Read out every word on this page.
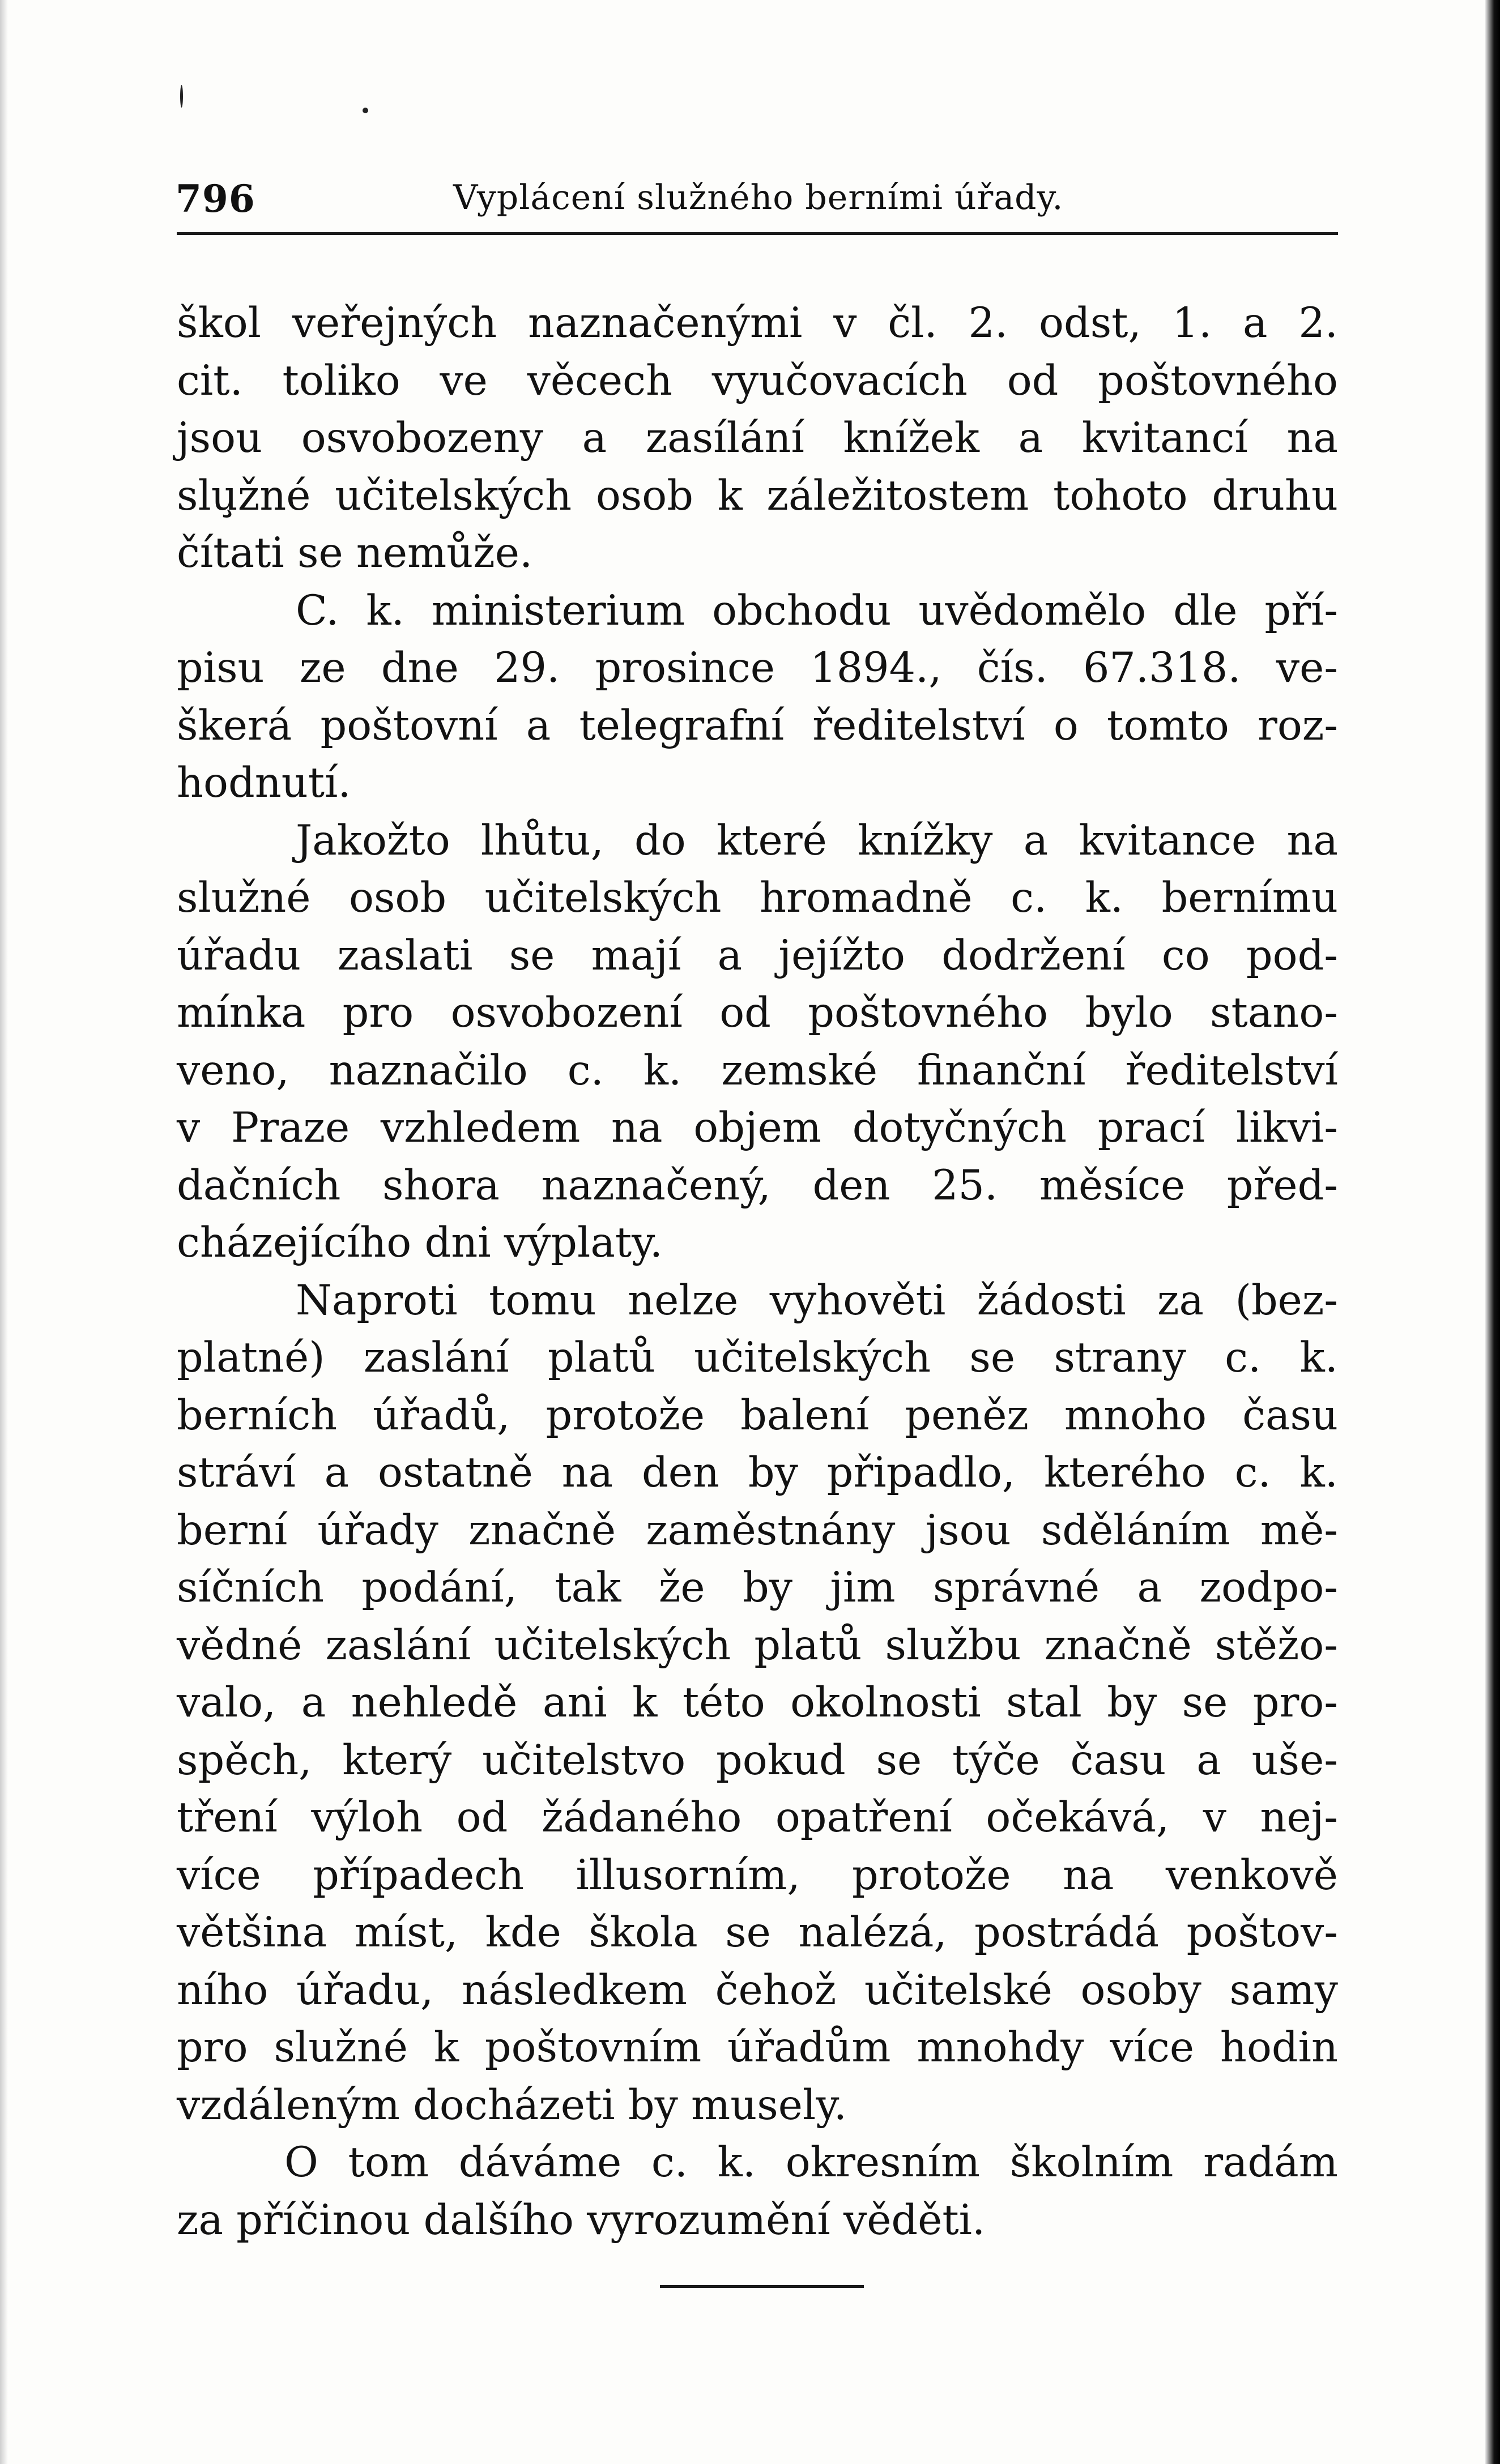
796	Vyplácení služného berními úřady.
škol veřejných naznačenými v čl. 2. odst, 1. a 2.
cit. toliko ve věcech vyučovacích od poštovného
jsou osvobozeny a zasílání knížek a kvitancí na
slu̧žné učitelských osob k záležitostem tohoto druhu
čítati se nemůže.
C. k. ministerium obchodu uvědomělo dle pří-
pisu ze dne 29. prosince 1894., čís. 67.318. ve-
škerá poštovní a telegrafní ředitelství o tomto roz-
hodnutí.
Jakožto lhůtu, do které knížky a kvitance na
služné osob učitelských hromadně c. k. bernímu
úřadu zaslati se mají a jejížto dodržení co pod-
mínka pro osvobození od poštovného bylo stano-
veno, naznačilo c. k. zemské finanční ředitelství
v Praze vzhledem na objem dotyčných prací likvi-
dačních shora naznačený, den 25. měsíce před-
cházejícího dni výplaty.
Naproti tomu nelze vyhověti žádosti za (bez-
platné) zaslání platů učitelských se strany c. k.
berních úřadů, protože balení peněz mnoho času
stráví a ostatně na den by připadlo, kterého c. k.
berní úřady značně zaměstnány jsou sděláním mě-
síčních podání, tak že by jim správné a zodpo-
vědné zaslání učitelských platů službu značně stěžo-
valo, a nehledě ani k této okolnosti stal by se pro-
spěch, který učitelstvo pokud se týče času a uše-
tření výloh od žádaného opatření očekává, v nej-
více případech illusorním, protože na venkově
většina míst, kde škola se nalézá, postrádá poštov-
ního úřadu, následkem čehož učitelské osoby samy
pro služné k poštovním úřadům mnohdy více hodin
vzdáleným docházeti by musely.
O tom dáváme c. k. okresním školním radám
za příčinou dalšího vyrozumění věděti.
